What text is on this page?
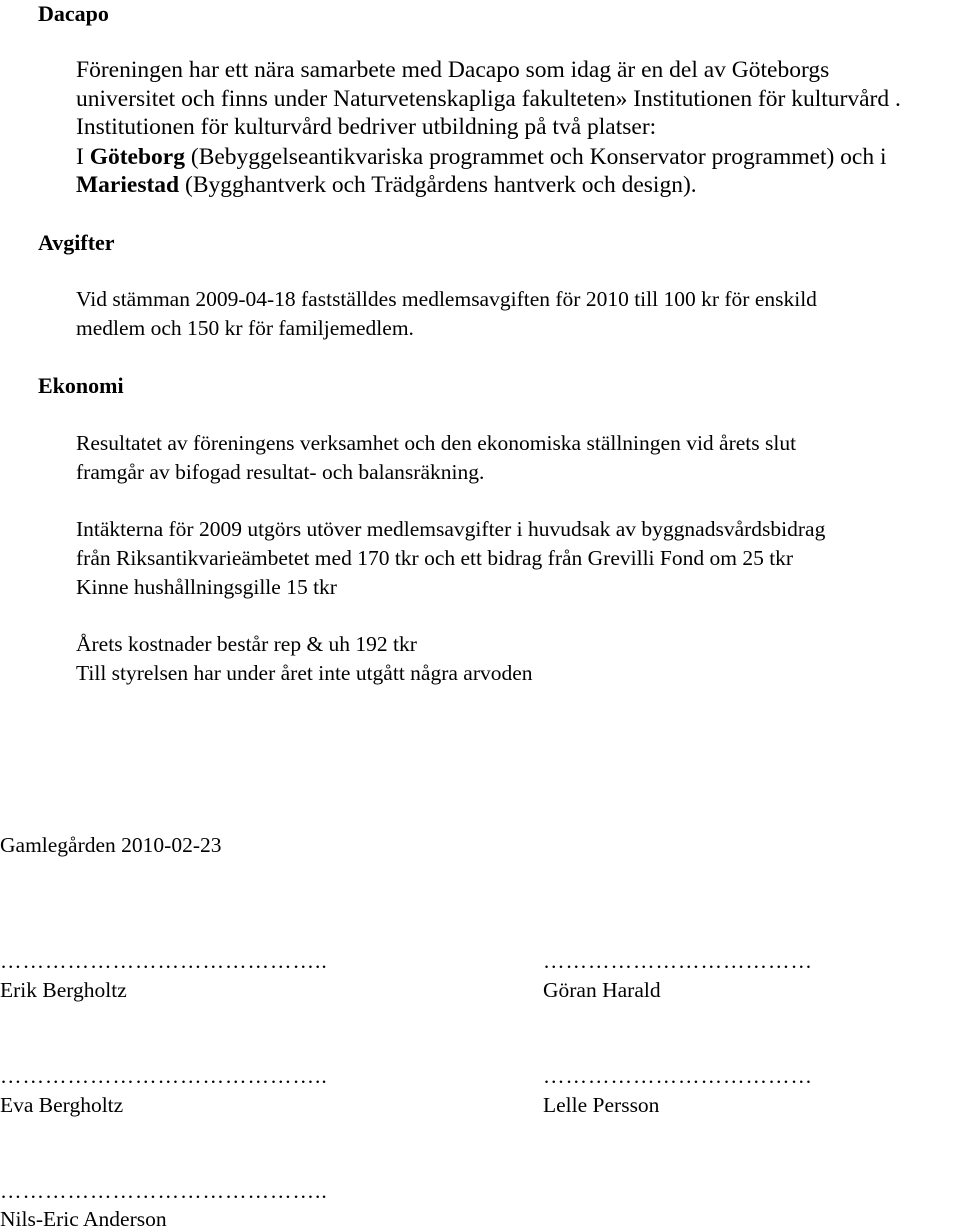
Dacapo
Föreningen har ett nära samarbete med Dacapo som idag är en del av Göteborgs
universitet och finns under Naturvetenskapliga fakulteten» Institutionen för kulturvård .
Institutionen för kulturvård bedriver utbildning på två platser:
I Göteborg (Bebyggelseantikvariska programmet och Konservator programmet) och i
Mariestad (Bygghantverk och Trädgårdens hantverk och design).
Avgifter
Vid stämman 2009-04-18 fastställdes medlemsavgiften för 2010 till 100 kr för enskild
medlem och 150 kr för familjemedlem.
Ekonomi
Resultatet av föreningens verksamhet och den ekonomiska ställningen vid årets slut
framgår av bifogad resultat- och balansräkning.
Intäkterna för 2009 utgörs utöver medlemsavgifter i huvudsak av byggnadsvårdsbidrag
från Riksantikvarieämbetet med 170 tkr och ett bidrag från Grevilli Fond om 25 tkr
Kinne hushållningsgille 15 tkr
Årets kostnader består rep & uh 192 tkr
Till styrelsen har under året inte utgått några arvoden
Gamlegården 2010-02-23
……………………………………..
Erik Bergholtz
………………………………
Göran Harald
……………………………………..
Eva Bergholtz
………………………………
Lelle Persson
……………………………………..
Nils-Eric Anderson
